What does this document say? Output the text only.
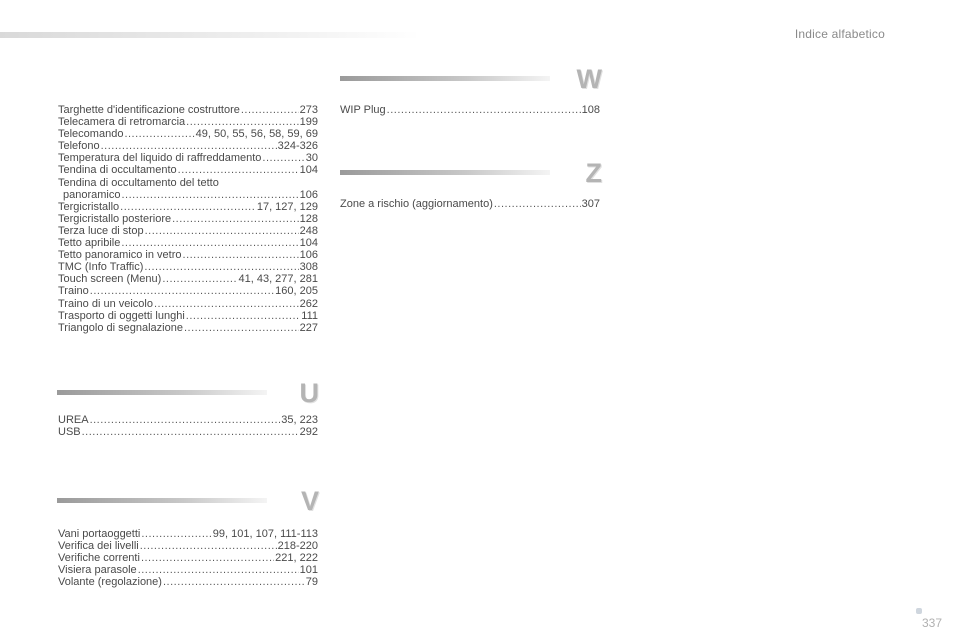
Indice alfabetico
Targhette d'identificazione costruttore .....	273
Telecamera di retromarcia .....	199
Telecomando .....	49, 50, 55, 56, 58, 59, 69
Telefono .....	324-326
Temperatura del liquido di raffreddamento .....	30
Tendina di occultamento .....	104
Tendina di occultamento del tetto
panoramico .....	106
Tergicristallo .....	17, 127, 129
Tergicristallo posteriore .....	128
Terza luce di stop .....	248
Tetto apribile .....	104
Tetto panoramico in vetro .....	106
TMC (Info Traffic) .....	308
Touch screen (Menu) .....	41, 43, 277, 281
Traino .....	160, 205
Traino di un veicolo .....	262
Trasporto di oggetti lunghi .....	111
Triangolo di segnalazione .....	227
U
UREA .....	35, 223
USB .....	292
V
Vani portaoggetti .....	99, 101, 107, 111-113
Verifica dei livelli .....	218-220
Verifiche correnti .....	221, 222
Visiera parasole .....	101
Volante (regolazione) .....	79
W
WIP Plug .....	108
Z
Zone a rischio (aggiornamento) .....	307
337
